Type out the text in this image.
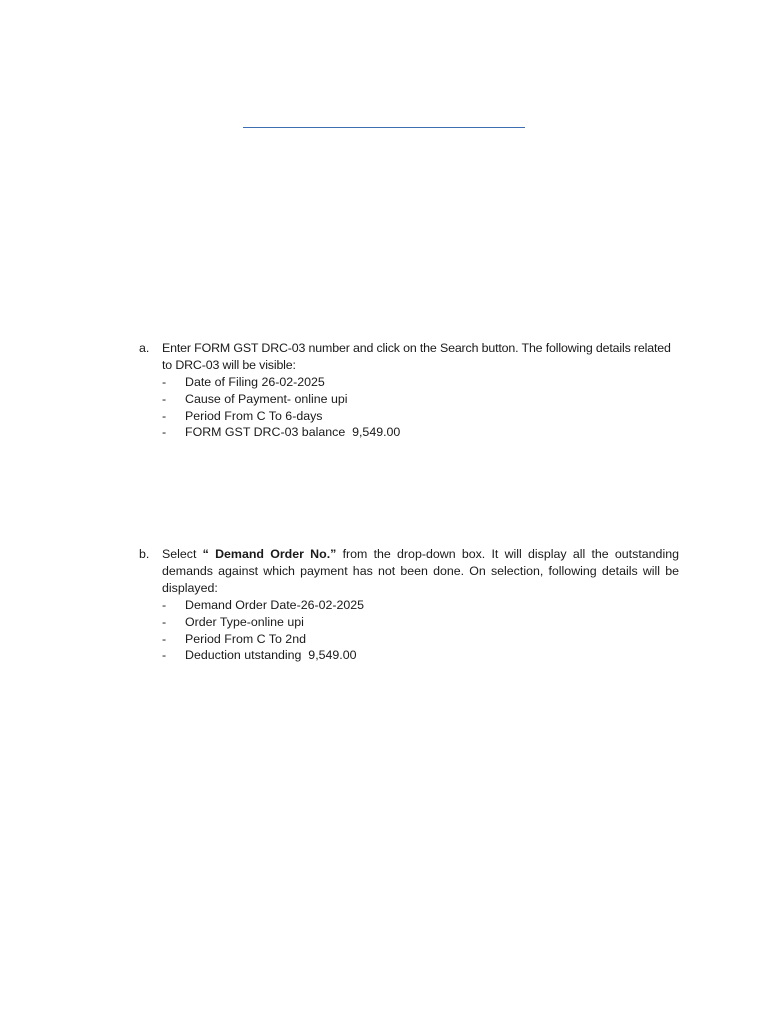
a. Enter FORM GST DRC-03 number and click on the Search button. The following details related to DRC-03 will be visible:
- Date of Filing 26-02-2025
- Cause of Payment- online upi
- Period From C To 6-days
- FORM GST DRC-03 balance  9,549.00
b. Select “ Demand Order No.” from the drop-down box. It will display all the outstanding demands against which payment has not been done. On selection, following details will be displayed:
- Demand Order Date-26-02-2025
- Order Type-online upi
- Period From C To 2nd
- Deduction utstanding  9,549.00
